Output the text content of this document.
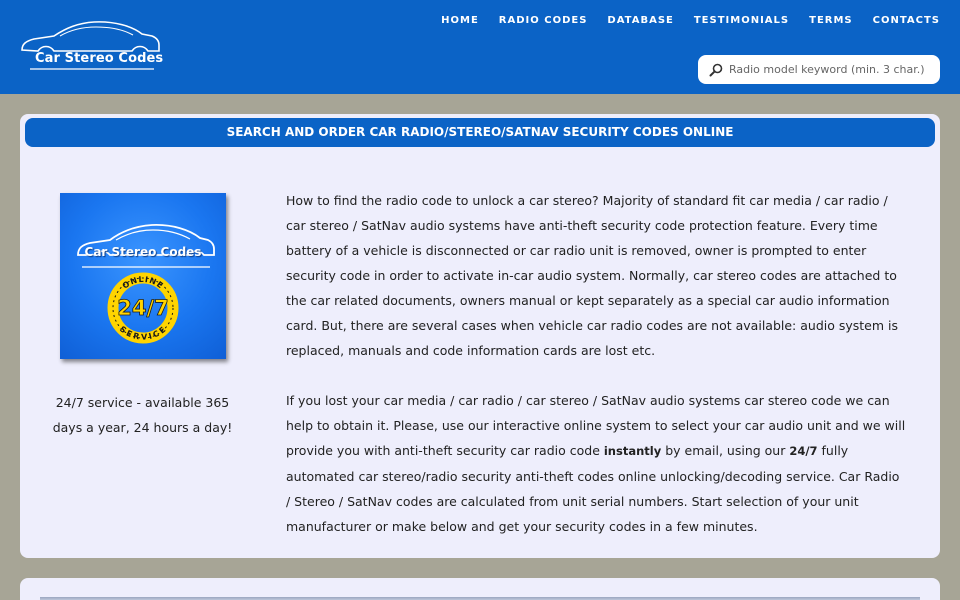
Car Stereo Codes
HOME RADIO CODES DATABASE TESTIMONIALS TERMS CONTACTS
Radio model keyword (min. 3 char.)
SEARCH AND ORDER CAR RADIO/STEREO/SATNAV SECURITY CODES ONLINE
ONLINE
SERVICE
24/7
Car Stereo Codes
24/7 service - available 365 days a year, 24 hours a day!

How to find the radio code to unlock a car stereo? Majority of standard fit car media / car radio / car stereo / SatNav audio systems have anti-theft security code protection feature. Every time battery of a vehicle is disconnected or car radio unit is removed, owner is prompted to enter security code in order to activate in-car audio system. Normally, car stereo codes are attached to the car related documents, owners manual or kept separately as a special car audio information card. But, there are several cases when vehicle car radio codes are not available: audio system is replaced, manuals and code information cards are lost etc.

If you lost your car media / car radio / car stereo / SatNav audio systems car stereo code we can help to obtain it. Please, use our interactive online system to select your car audio unit and we will provide you with anti-theft security car radio code instantly by email, using our 24/7 fully automated car stereo/radio security anti-theft codes online unlocking/decoding service. Car Radio / Stereo / SatNav codes are calculated from unit serial numbers. Start selection of your unit manufacturer or make below and get your security codes in a few minutes.
